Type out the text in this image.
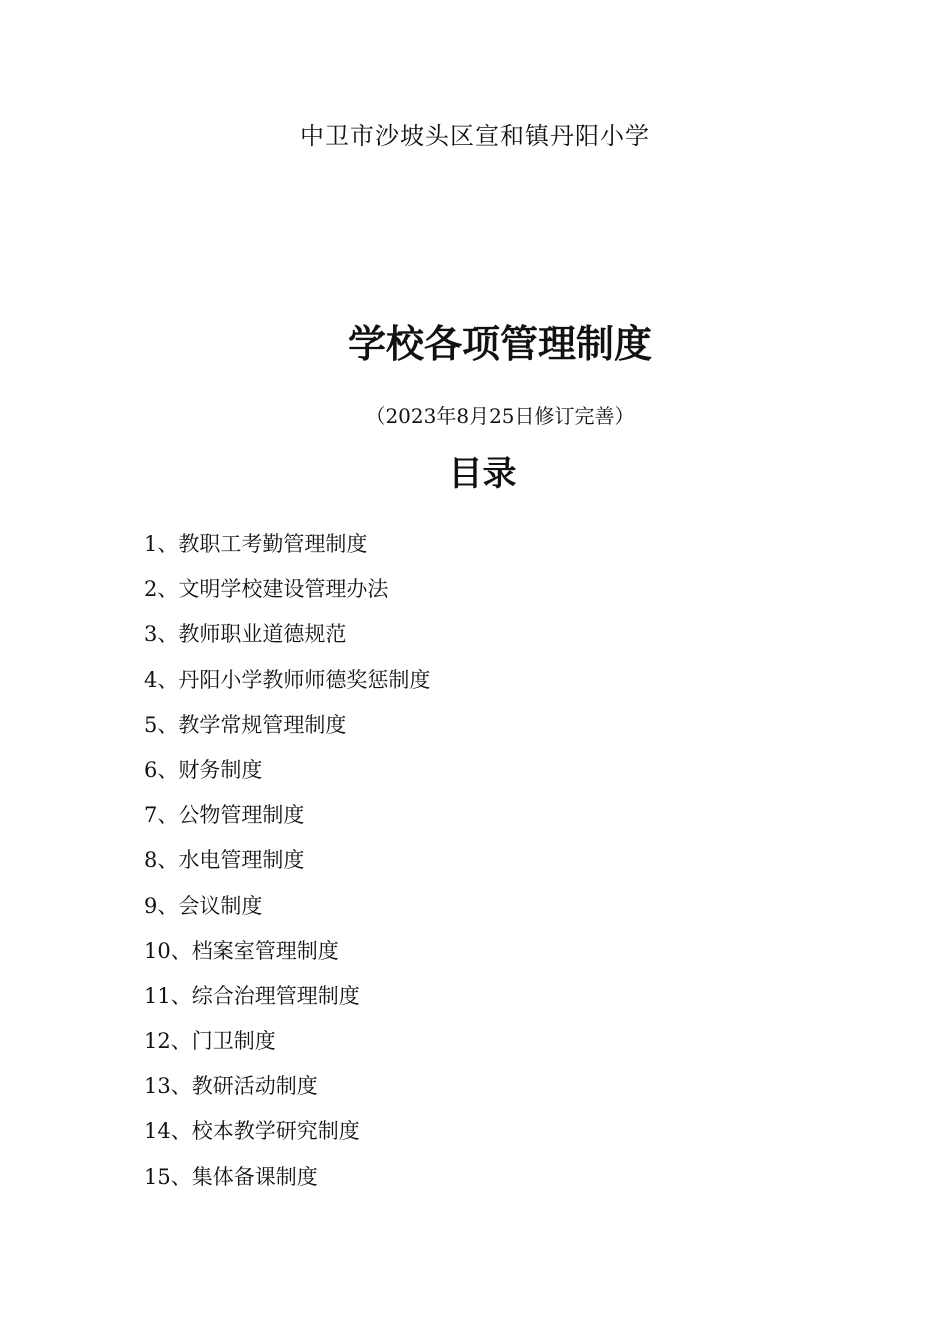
中卫市沙坡头区宣和镇丹阳小学
学校各项管理制度
（2023年8月25日修订完善）
目录
1、教职工考勤管理制度
2、文明学校建设管理办法
3、教师职业道德规范
4、丹阳小学教师师德奖惩制度
5、教学常规管理制度
6、财务制度
7、公物管理制度
8、水电管理制度
9、会议制度
10、档案室管理制度
11、综合治理管理制度
12、门卫制度
13、教研活动制度
14、校本教学研究制度
15、集体备课制度
